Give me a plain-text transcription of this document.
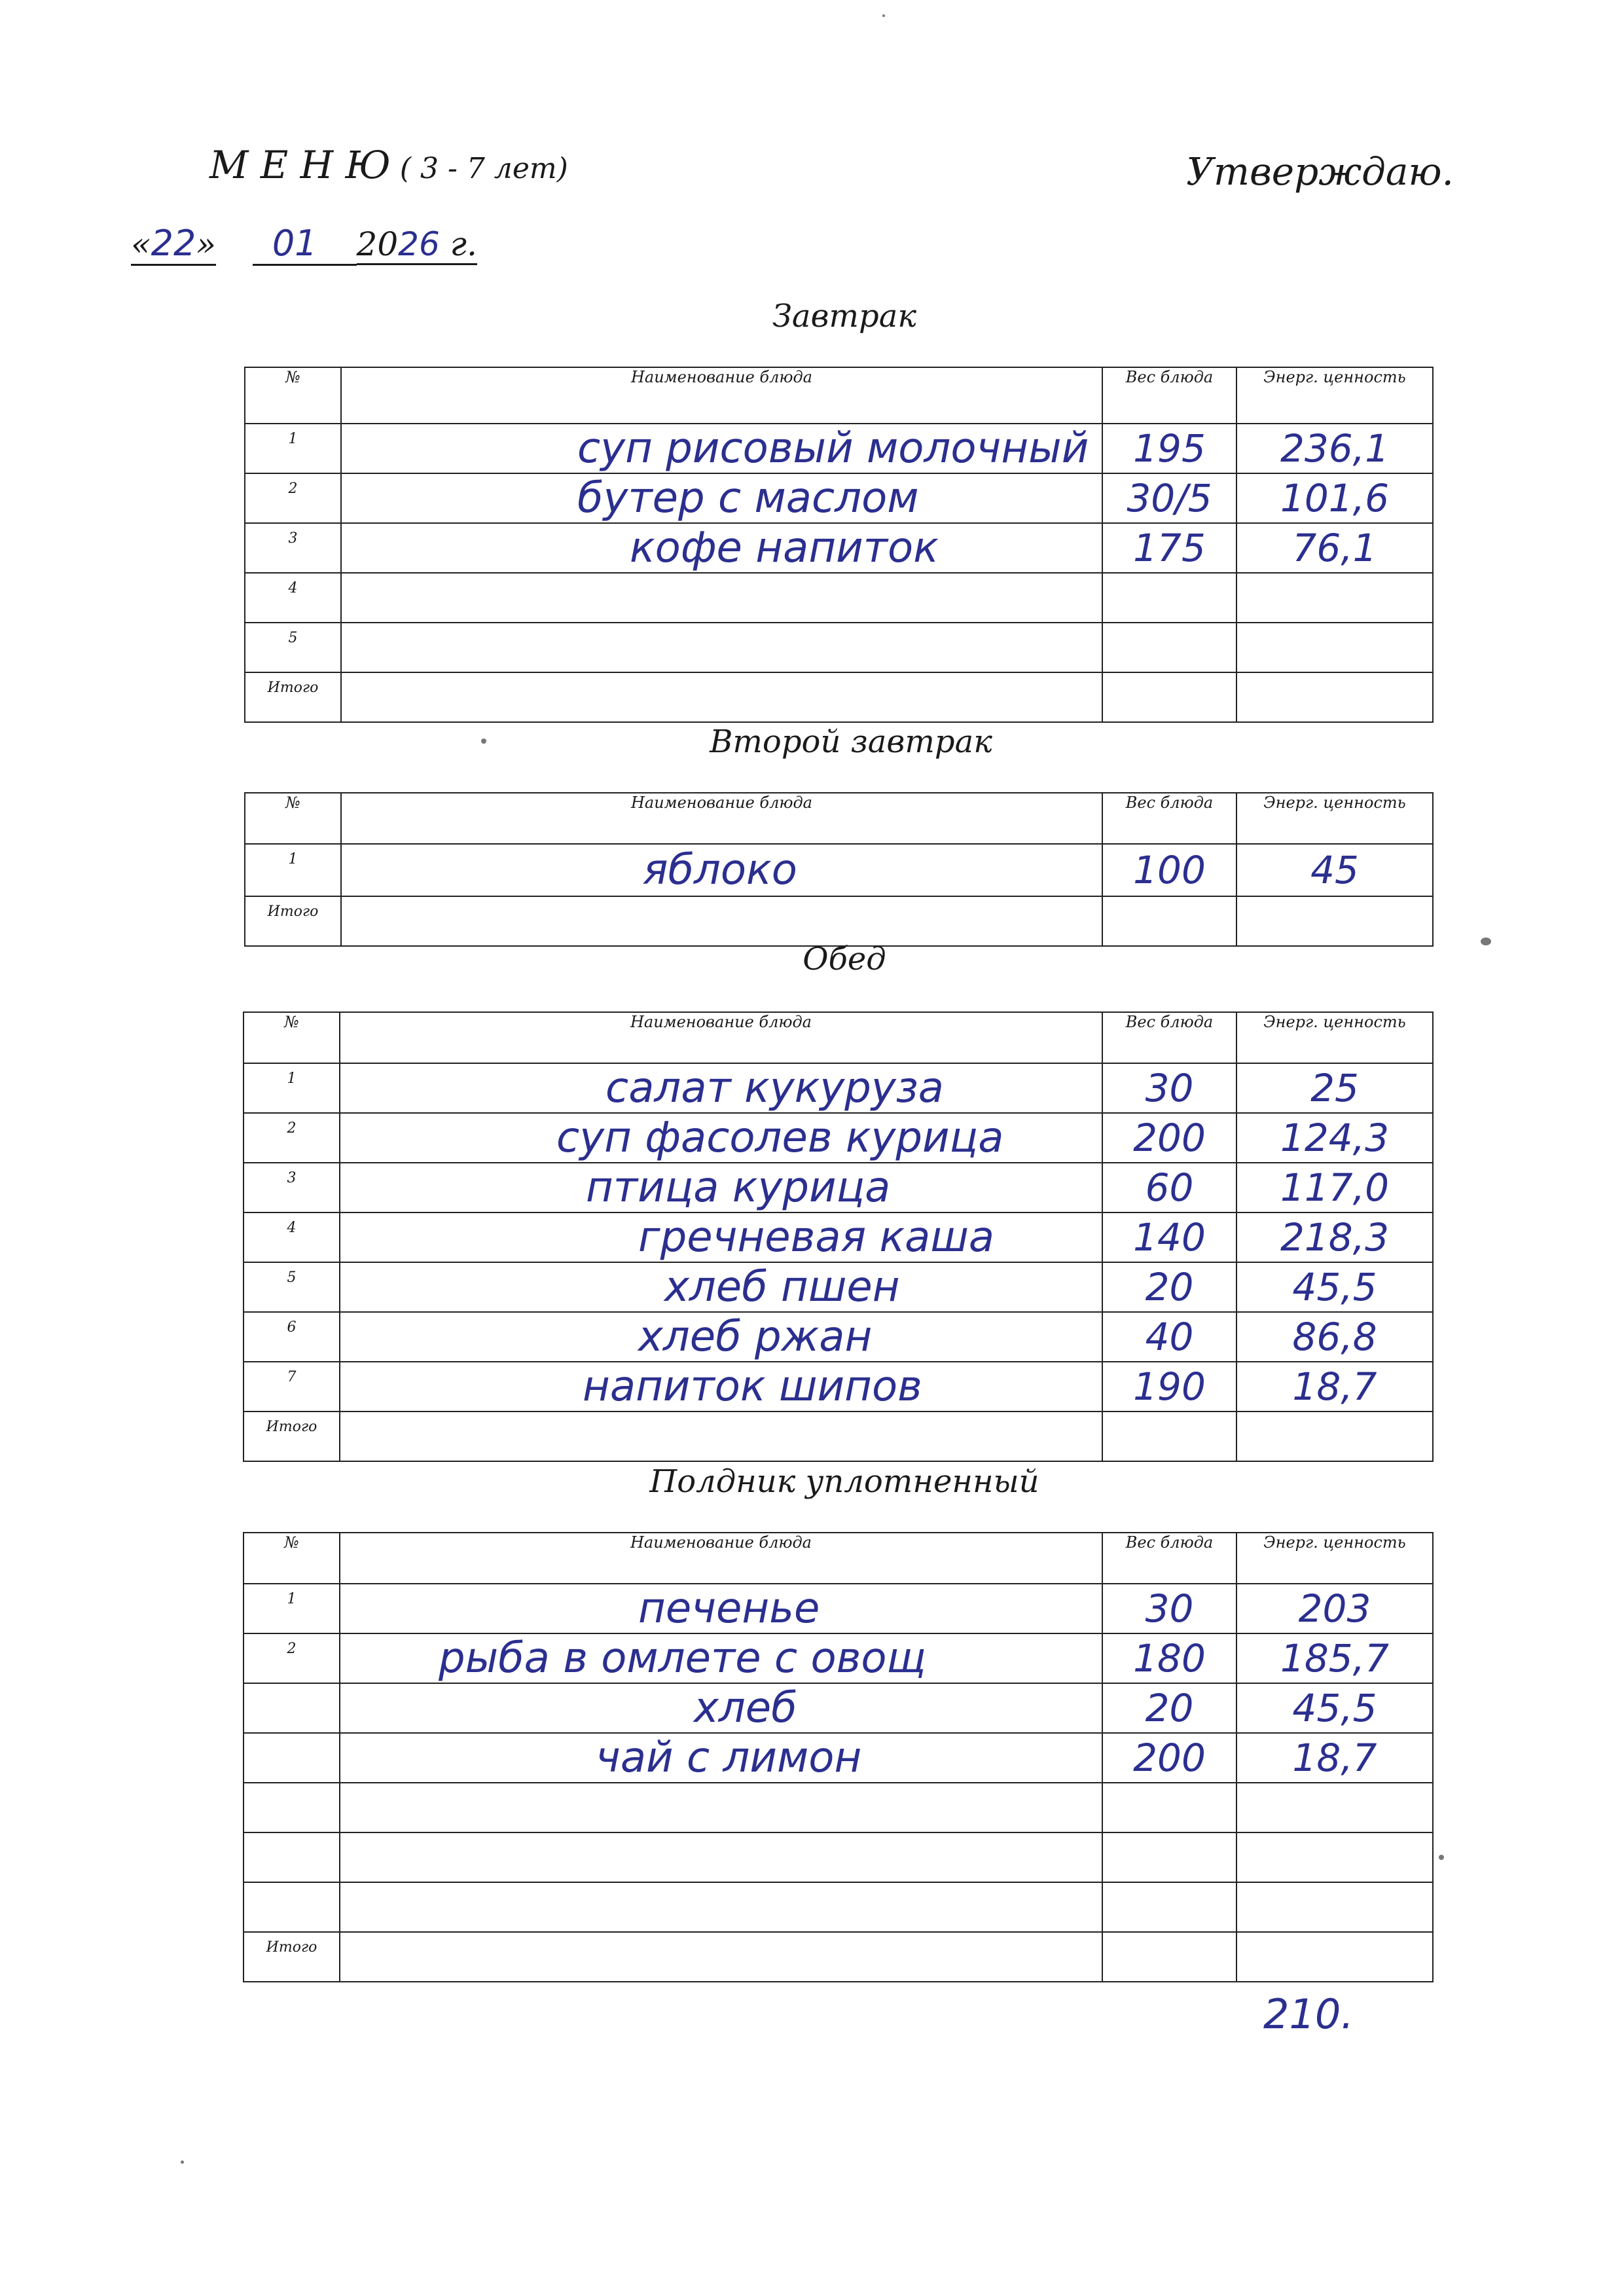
М Е Н Ю ( 3 - 7 лет)	Утверждаю.
«22» 01 2026 г.
Завтрак
Второй завтрак
Обед
Полдник уплотненный
№	Наименование блюда	Вес блюда	Энерг. ценность
1	суп рисовый молочный	195	236,1
2	бутер с маслом	30/5	101,6
3	кофе напиток	175	76,1
4			
5			
Итого			
№	Наименование блюда	Вес блюда	Энерг. ценность
1	яблоко	100	45
Итого			
№	Наименование блюда	Вес блюда	Энерг. ценность
1	салат кукуруза	30	25
2	суп фасолев курица	200	124,3
3	птица курица	60	117,0
4	гречневая каша	140	218,3
5	хлеб пшен	20	45,5
6	хлеб ржан	40	86,8
7	напиток шипов	190	18,7
Итого			
№	Наименование блюда	Вес блюда	Энерг. ценность
1	печенье	30	203
2	рыба в омлете с овощ	180	185,7
	хлеб	20	45,5
	чай с лимон	200	18,7

Итого			
210.
